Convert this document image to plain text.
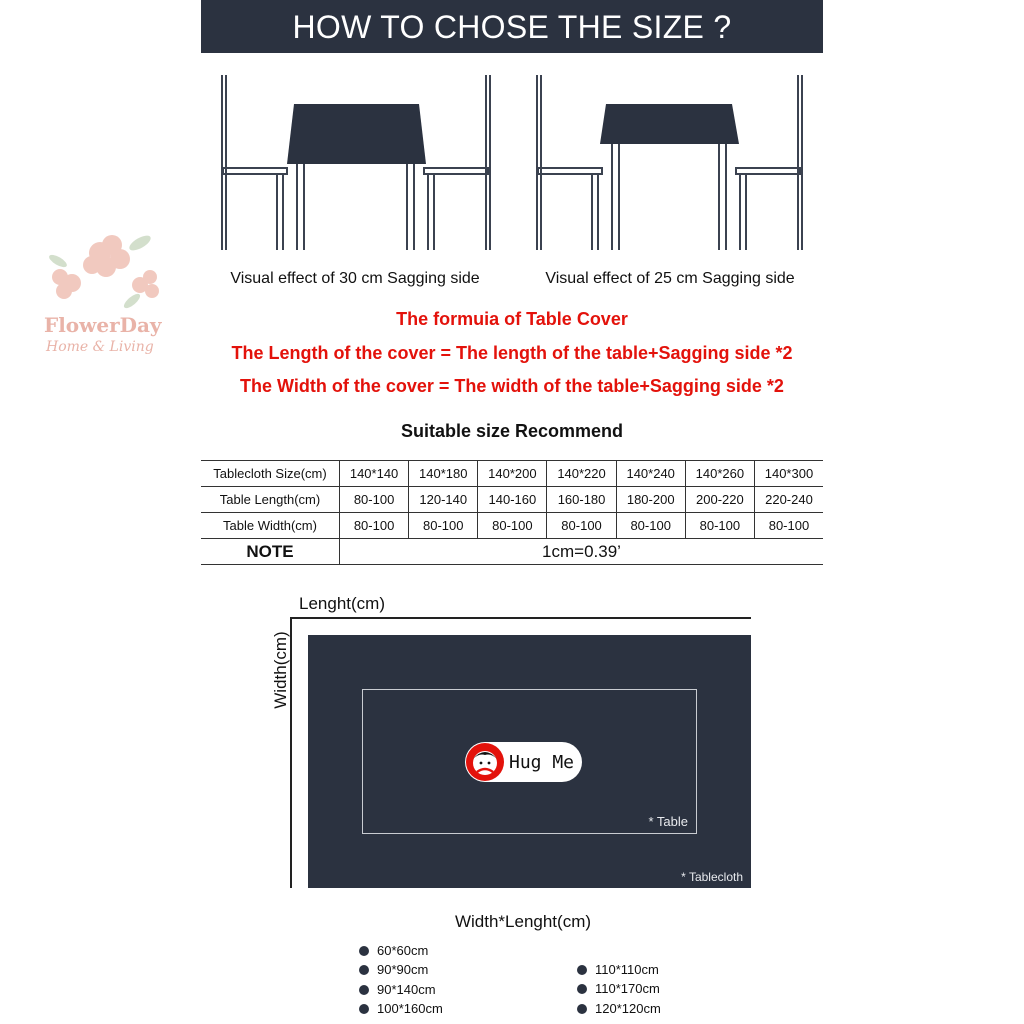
HOW TO CHOSE THE SIZE ?
FlowerDay
Home & Living
Visual effect of 30 cm Sagging side	Visual effect of 25 cm Sagging side
The formuia of Table Cover
The Length of the cover = The length of the table+Sagging side *2
The Width of the cover = The width of the table+Sagging side *2
Suitable size Recommend
Tablecloth Size(cm)	140*140	140*180	140*200	140*220	140*240	140*260	140*300
Table Length(cm)	80-100	120-140	140-160	160-180	180-200	200-220	220-240
Table Width(cm)	80-100	80-100	80-100	80-100	80-100	80-100	80-100
NOTE	1cm=0.39’						
Lenght(cm)
Width(cm)
Hug Me
* Table
* Tablecloth
Width*Lenght(cm)
60*60cm
90*90cm
90*140cm
100*160cm
110*110cm
110*170cm
120*120cm
